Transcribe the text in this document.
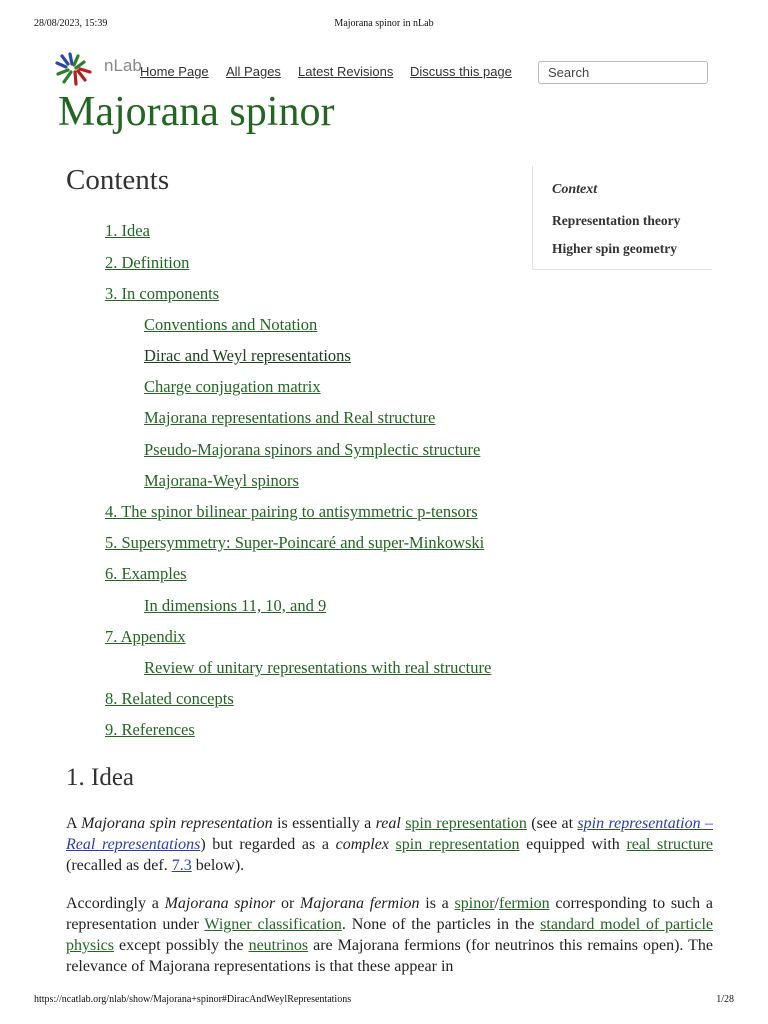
28/08/2023, 15:39	Majorana spinor in nLab
nLab
Home Page All Pages Latest Revisions Discuss this page	Search
Majorana spinor
Contents
1. Idea
2. Definition
3. In components
Conventions and Notation
Dirac and Weyl representations
Charge conjugation matrix
Majorana representations and Real structure
Pseudo-Majorana spinors and Symplectic structure
Majorana-Weyl spinors
4. The spinor bilinear pairing to antisymmetric p-tensors
5. Supersymmetry: Super-Poincaré and super-Minkowski
6. Examples
In dimensions 11, 10, and 9
7. Appendix
Review of unitary representations with real structure
8. Related concepts
9. References
Context
Representation theory
Higher spin geometry
1. Idea

A Majorana spin representation is essentially a real spin representation (see at spin representation – Real representations) but regarded as a complex spin representation equipped with real structure (recalled as def. 7.3 below).

Accordingly a Majorana spinor or Majorana fermion is a spinor/fermion corresponding to such a representation under Wigner classification. None of the particles in the standard model of particle physics except possibly the neutrinos are Majorana fermions (for neutrinos this remains open). The relevance of Majorana representations is that these appear in

https://ncatlab.org/nlab/show/Majorana+spinor#DiracAndWeylRepresentations	1/28
